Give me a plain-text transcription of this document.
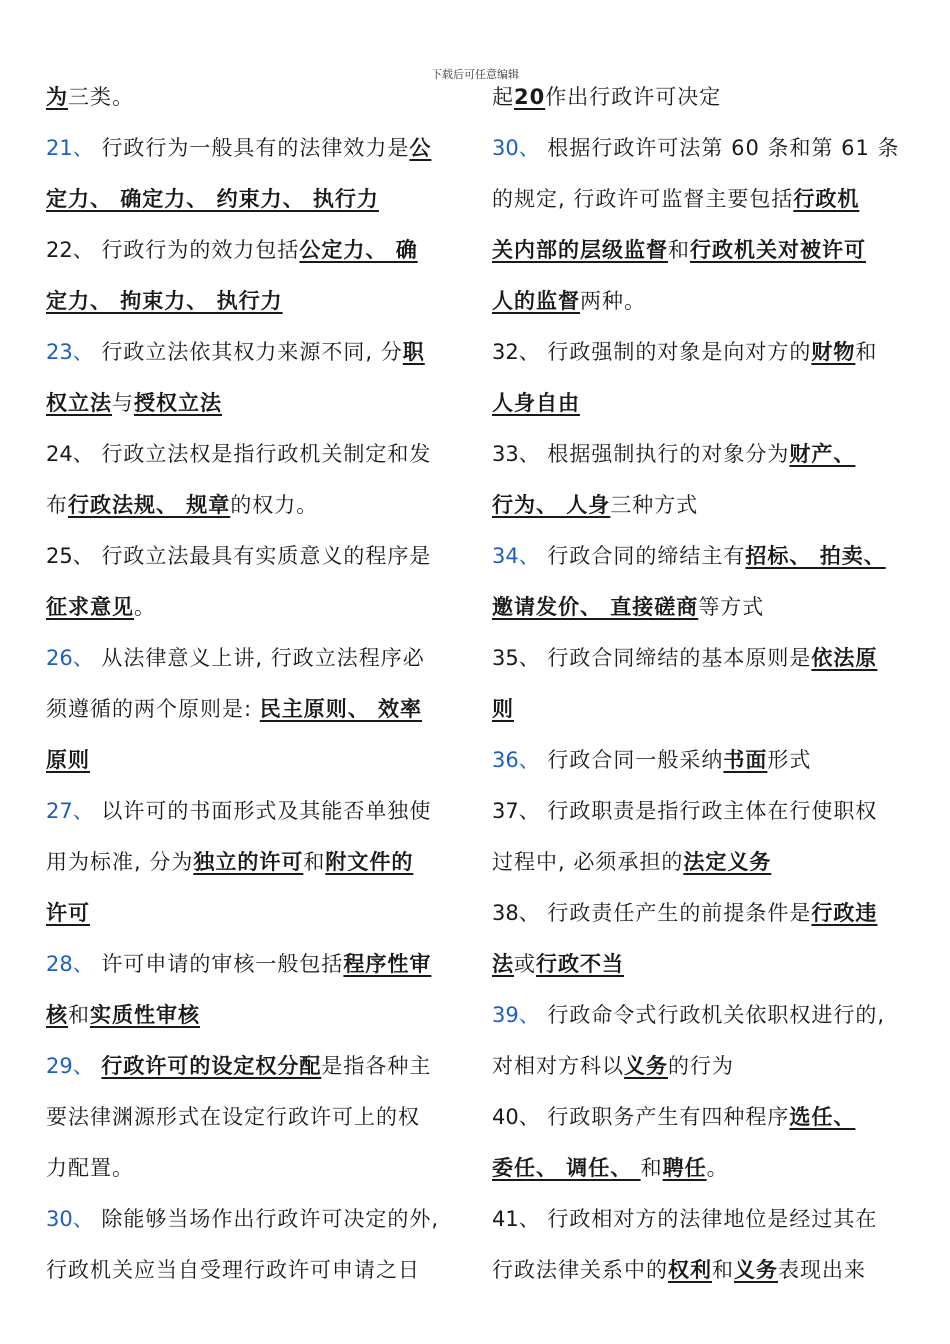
下载后可任意编辑

为三类。

21、 行政行为一般具有的法律效力是公

定力、 确定力、 约束力、 执行力

22、 行政行为的效力包括公定力、 确

定力、 拘束力、 执行力

23、 行政立法依其权力来源不同, 分职

权立法与授权立法

24、 行政立法权是指行政机关制定和发

布行政法规、 规章的权力。

25、 行政立法最具有实质意义的程序是

征求意见。

26、 从法律意义上讲, 行政立法程序必

须遵循的两个原则是: 民主原则、 效率

原则

27、 以许可的书面形式及其能否单独使

用为标准, 分为独立的许可和附文件的

许可

28、 许可申请的审核一般包括程序性审

核和实质性审核

29、 行政许可的设定权分配是指各种主

要法律渊源形式在设定行政许可上的权

力配置。

30、 除能够当场作出行政许可决定的外,

行政机关应当自受理行政许可申请之日

起20作出行政许可决定

30、 根据行政许可法第 60 条和第 61 条

的规定, 行政许可监督主要包括行政机

关内部的层级监督和行政机关对被许可

人的监督两种。

32、 行政强制的对象是向对方的财物和

人身自由

33、 根据强制执行的对象分为财产、

行为、 人身三种方式

34、 行政合同的缔结主有招标、 拍卖、

邀请发价、 直接磋商等方式

35、 行政合同缔结的基本原则是依法原

则

36、 行政合同一般采纳书面形式

37、 行政职责是指行政主体在行使职权

过程中, 必须承担的法定义务

38、 行政责任产生的前提条件是行政违

法或行政不当

39、 行政命令式行政机关依职权进行的,

对相对方科以义务的行为

40、 行政职务产生有四种程序选任、

委任、 调任、 和聘任。

41、 行政相对方的法律地位是经过其在

行政法律关系中的权利和义务表现出来
